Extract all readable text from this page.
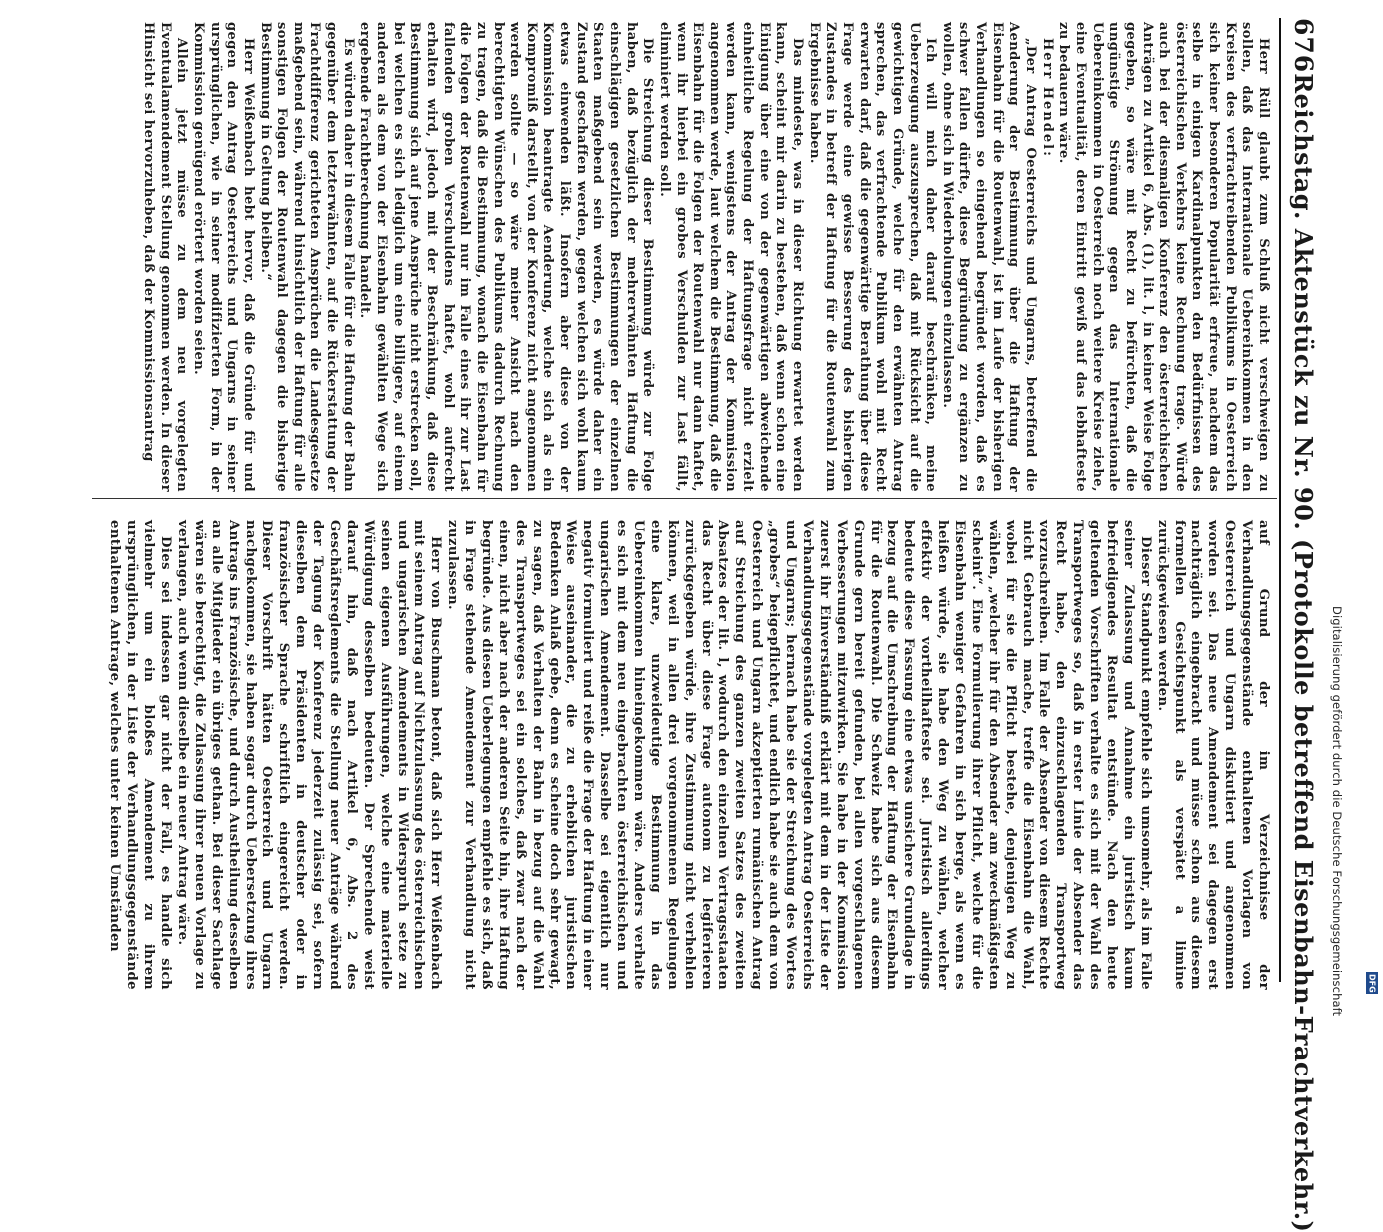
676
Reichstag. Aktenstück zu Nr. 90. (Protokolle betreffend Eisenbahn-Frachtverkehr.)

Herr Rüll glaubt zum Schluß nicht verschweigen zu sollen, daß das Internationale Uebereinkommen in den Kreisen des verfrachtreibenden Publikums in Oesterreich sich keiner besonderen Popularität erfreue, nachdem das selbe in einigen Kardinalpunkten den Bedürfnissen des österreichischen Verkehrs keine Rechnung trage. Würde auch bei der diesmaligen Konferenz den österreichischen Anträgen zu Artikel 6, Abs. (1), lit. l, in keiner Weise Folge gegeben, so wäre mit Recht zu befürchten, daß die ungünstige Strömung gegen das Internationale Uebereinkommen in Oesterreich noch weitere Kreise ziehe, eine Eventualität, deren Eintritt gewiß auf das lebhafteste zu bedauern wäre.

Herr Hendel:

„Der Antrag Oesterreichs und Ungarns, betreffend die Aenderung der Bestimmung über die Haftung der Eisenbahn für die Routenwahl, ist im Laufe der bisherigen Verhandlungen so eingehend begründet worden, daß es schwer fallen dürfte, diese Begründung zu ergänzen zu wollen, ohne sich in Wiederholungen einzulassen.

Ich will mich daher darauf beschränken, meine Ueberzeugung auszusprechen, daß mit Rücksicht auf die gewichtigen Gründe, welche für den erwähnten Antrag sprechen, das verfrachtende Publikum wohl mit Recht erwarten darf, daß die gegenwärtige Berathung über diese Frage werde eine gewisse Besserung des bisherigen Zustandes in betreff der Haftung für die Routenwahl zum Ergebnisse haben.

Das mindeste, was in dieser Richtung erwartet werden kann, scheint mir darin zu bestehen, daß wenn schon eine Einigung über eine von der gegenwärtigen abweichende einheitliche Regelung der Haftungsfrage nicht erzielt werden kann, wenigstens der Antrag der Kommission angenommen werde, laut welchem die Bestimmung, daß die Eisenbahn für die Folgen der Routenwahl nur dann haftet, wenn ihr hierbei ein grobes Verschulden zur Last fällt, eliminiert werden soll.

Die Streichung dieser Bestimmung würde zur Folge haben, daß bezüglich der mehrerwähnten Haftung die einschlägigen gesetzlichen Bestimmungen der einzelnen Staaten maßgebend sein werden, es würde daher ein Zustand geschaffen werden, gegen welchen sich wohl kaum etwas einwenden läßt. Insofern aber diese von der Kommission beantragte Aenderung, welche sich als ein Kompromiß darstellt, von der Konferenz nicht angenommen werden sollte — so wäre meiner Ansicht nach den berechtigten Wünschen des Publikums dadurch Rechnung zu tragen, daß die Bestimmung, wonach die Eisenbahn für die Folgen der Routenwahl nur im Falle eines ihr zur Last fallenden groben Verschuldens haftet, wohl aufrecht erhalten wird, jedoch mit der Beschränkung, daß diese Bestimmung sich auf jene Ansprüche nicht erstrecken soll, bei welchen es sich lediglich um eine billigere, auf einem anderen als dem von der Eisenbahn gewählten Wege sich ergebende Frachtberechnung handelt.

Es würden daher in diesem Falle für die Haftung der Bahn gegenüber dem letzterwähnten, auf die Rückerstattung der Frachtdifferenz gerichteten Ansprüchen die Landesgesetze maßgebend sein, während hinsichtlich der Haftung für alle sonstigen Folgen der Routenwahl dagegen die bisherige Bestimmung in Geltung bleiben.“

Herr Weißenbach hebt hervor, daß die Gründe für und gegen den Antrag Oesterreichs und Ungarns in seiner ursprünglichen, wie in seiner modifizierten Form, in der Kommission genügend erörtert worden seien.

Allein jetzt müsse zu dem neu vorgelegten Eventualamendement Stellung genommen werden. In dieser Hinsicht sei hervorzuheben, daß der Kommissionsantrag

auf Grund der im Verzeichnisse der Verhandlungsgegenstände enthaltenen Vorlagen von Oesterreich und Ungarn diskutiert und angenommen worden sei. Das neue Amendement sei dagegen erst nachträglich eingebracht und müsse schon aus diesem formellen Gesichtspunkt als verspätet a limine zurückgewiesen werden.

Dieser Standpunkt empfehle sich umsomehr, als im Falle seiner Zulassung und Annahme ein juristisch kaum befriedigendes Resultat entstünde. Nach den heute geltenden Vorschriften verhalte es sich mit der Wahl des Transportweges so, daß in erster Linie der Absender das Recht habe, den einzuschlagenden Transportweg vorzuschreiben. Im Falle der Absender von diesem Rechte nicht Gebrauch mache, treffe die Eisenbahn die Wahl, wobei für sie die Pflicht bestehe, denjenigen Weg zu wählen, „welcher ihr für den Absender am zweckmäßigsten scheint“. Eine Formulierung ihrer Pflicht, welche für die Eisenbahn weniger Gefahren in sich berge, als wenn es heißen würde, sie habe den Weg zu wählen, welcher effektiv der vortheilhafteste sei. Juristisch allerdings bedeute diese Fassung eine etwas unsichere Grundlage in bezug auf die Umschreibung der Haftung der Eisenbahn für die Routenwahl. Die Schweiz habe sich aus diesem Grunde gern bereit gefunden, bei allen vorgeschlagenen Verbesserungen mitzuwirken. Sie habe in der Kommission zuerst ihr Einverständniß erklärt mit dem in der Liste der Verhandlungsgegenstände vorgelegten Antrag Oesterreichs und Ungarns; hernach habe sie der Streichung des Wortes „grobes“ beigepflichtet, und endlich habe sie auch dem von Oesterreich und Ungarn akzeptierten rumänischen Antrag auf Streichung des ganzen zweiten Satzes des zweiten Absatzes der lit. l, wodurch den einzelnen Vertragsstaaten das Recht über diese Frage autonom zu legiferieren zurückgegeben würde, ihre Zustimmung nicht verhehlen können, weil in allen drei vorgenommenen Regelungen eine klare, unzweideutige Bestimmung in das Uebereinkommen hineingekommen wäre. Anders verhalte es sich mit dem neu eingebrachten österreichischen und ungarischen Amendement. Dasselbe sei eigentlich nur negativ formuliert und reiße die Frage der Haftung in einer Weise auseinander, die zu erheblichen juristischen Bedenken Anlaß gebe, denn es scheine doch sehr gewagt, zu sagen, daß Verhalten der Bahn in bezug auf die Wahl des Transportweges sei ein solches, daß zwar nach der einen, nicht aber nach der anderen Seite hin, ihre Haftung begründe. Aus diesen Ueberlegungen empfehle es sich, daß in Frage stehende Amendement zur Verhandlung nicht zuzulassen.

Herr von Buschman betont, daß sich Herr Weißenbach mit seinem Antrag auf Nichtzulassung des österreichischen und ungarischen Amendements in Widerspruch setze zu seinen eigenen Ausführungen, welche eine materielle Würdigung desselben bedeuten. Der Sprechende weist darauf hin, daß nach Artikel 6, Abs. 2 des Geschäftsreglements die Stellung neuer Anträge während der Tagung der Konferenz jederzeit zulässig sei, sofern dieselben dem Präsidenten in deutscher oder in französischer Sprache schriftlich eingereicht werden. Dieser Vorschrift hätten Oesterreich und Ungarn nachgekommen, sie haben sogar durch Uebersetzung ihres Antrags ins Französische, und durch Austheilung desselben an alle Mitglieder ein übriges gethan. Bei dieser Sachlage wären sie berechtigt, die Zulassung ihrer neuen Vorlage zu verlangen, auch wenn dieselbe ein neuer Antrag wäre.

Dies sei indessen gar nicht der Fall, es handle sich vielmehr um ein bloßes Amendement zu ihrem ursprünglichen, in der Liste der Verhandlungsgegenstände enthaltenen Antrage, welches unter keinen Umständen	Digitalisierung gefördert durch die Deutsche Forschungsgemeinschaft	DFG
